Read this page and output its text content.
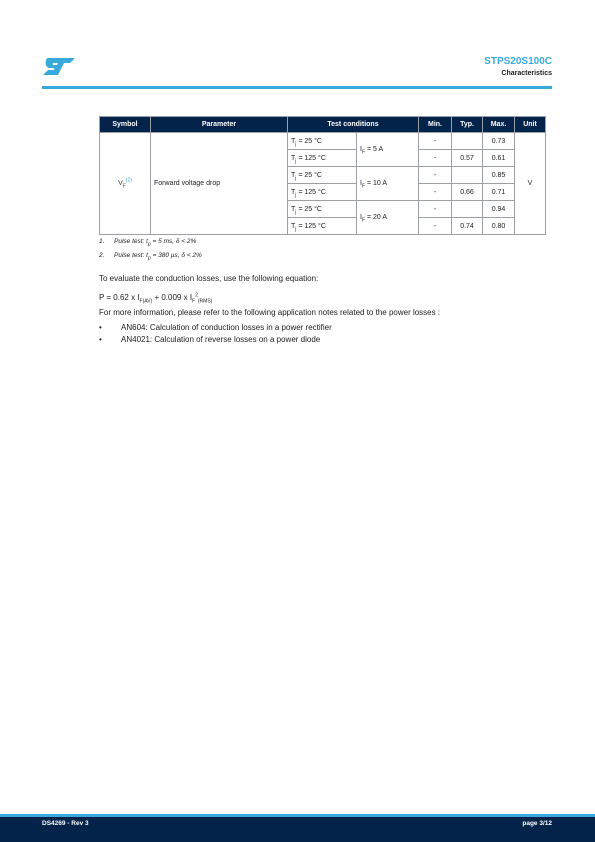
STPS20S100C
Characteristics
Symbol	Parameter	Test conditions		Min.	Typ.	Max.	Unit
$V_F^{(2)}$	Forward voltage drop	$T_j = 25$ °C	$I_F = 5$ A	-		0.73	V
		$T_j = 125$ °C		-	0.57	0.61	
		$T_j = 25$ °C	$I_F = 10$ A	-		0.85	
		$T_j = 125$ °C		-	0.66	0.71	
		$T_j = 25$ °C	$I_F = 20$ A	-		0.94	
		$T_j = 125$ °C		-	0.74	0.80	
1. Pulse test: $t_p = 5$ ms, δ < 2%
2. Pulse test: $t_p = 380$ µs, δ < 2%

To evaluate the conduction losses, use the following equation:

P = 0.62 x $I_{F(AV)} + 0.009$ x $I_F^2_{(RMS)}$

For more information, please refer to the following application notes related to the power losses :

• AN604: Calculation of conduction losses in a power rectifier
• AN4021: Calculation of reverse losses on a power diode
DS4269 - Rev 3	page 3/12
